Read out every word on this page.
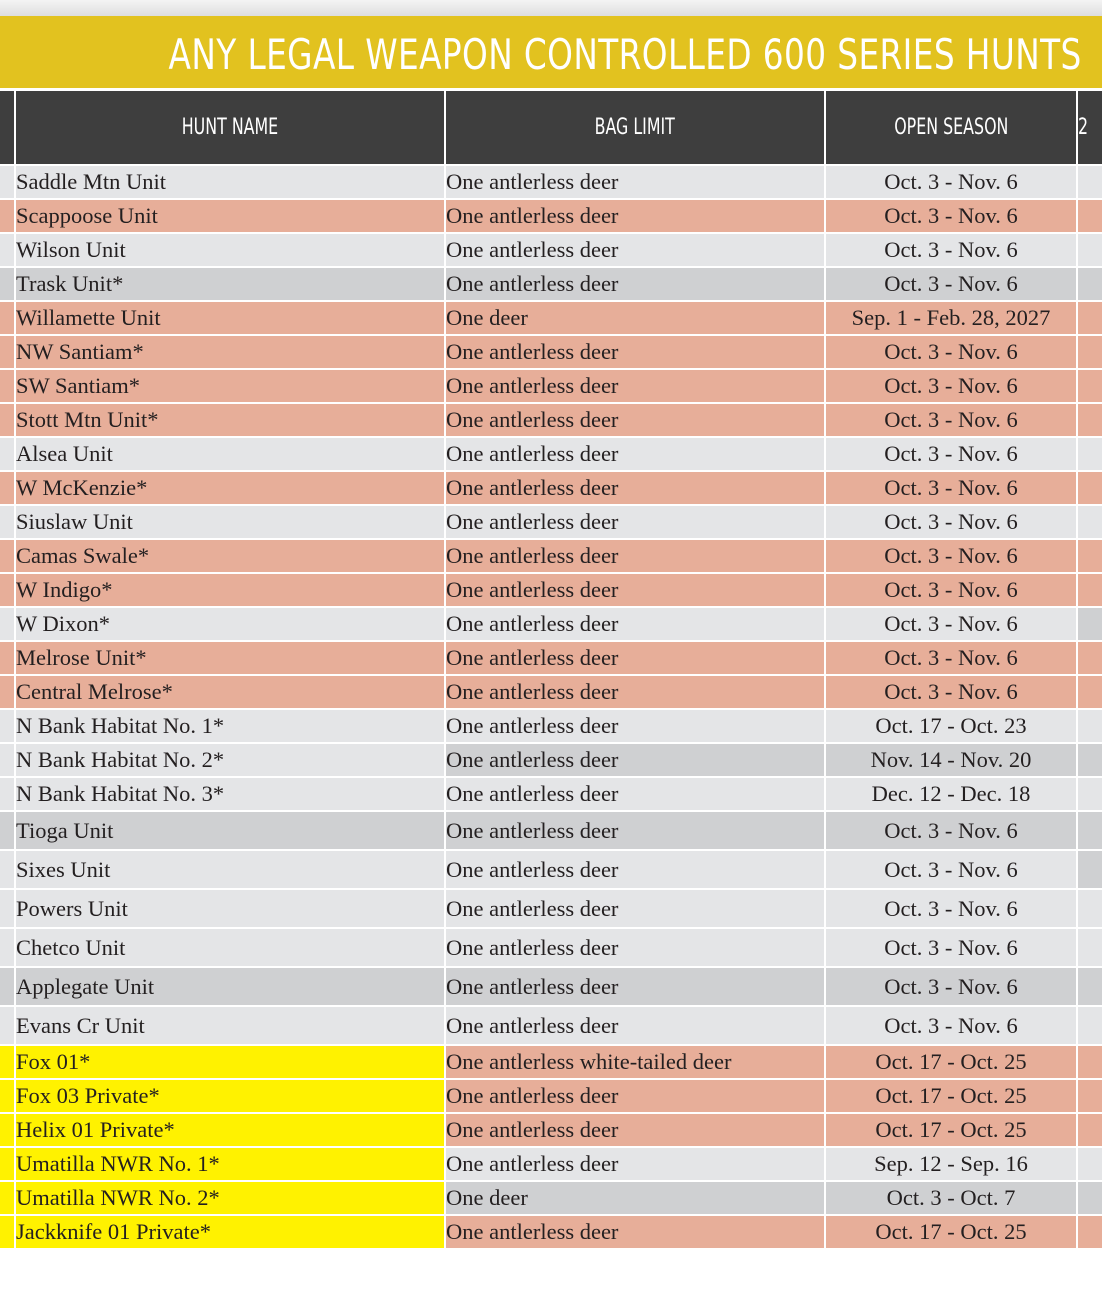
ANY LEGAL WEAPON CONTROLLED 600 SERIES HUNTS
	HUNT NAME	BAG LIMIT	OPEN SEASON	2
	Saddle Mtn Unit	One antlerless deer	Oct. 3 - Nov. 6	
	Scappoose Unit	One antlerless deer	Oct. 3 - Nov. 6	
	Wilson Unit	One antlerless deer	Oct. 3 - Nov. 6	
	Trask Unit*	One antlerless deer	Oct. 3 - Nov. 6	
	Willamette Unit	One deer	Sep. 1 - Feb. 28, 2027	
	NW Santiam*	One antlerless deer	Oct. 3 - Nov. 6	
	SW Santiam*	One antlerless deer	Oct. 3 - Nov. 6	
	Stott Mtn Unit*	One antlerless deer	Oct. 3 - Nov. 6	
	Alsea Unit	One antlerless deer	Oct. 3 - Nov. 6	
	W McKenzie*	One antlerless deer	Oct. 3 - Nov. 6	
	Siuslaw Unit	One antlerless deer	Oct. 3 - Nov. 6	
	Camas Swale*	One antlerless deer	Oct. 3 - Nov. 6	
	W Indigo*	One antlerless deer	Oct. 3 - Nov. 6	
	W Dixon*	One antlerless deer	Oct. 3 - Nov. 6	
	Melrose Unit*	One antlerless deer	Oct. 3 - Nov. 6	
	Central Melrose*	One antlerless deer	Oct. 3 - Nov. 6	
	N Bank Habitat No. 1*	One antlerless deer	Oct. 17 - Oct. 23	
	N Bank Habitat No. 2*	One antlerless deer	Nov. 14 - Nov. 20	
	N Bank Habitat No. 3*	One antlerless deer	Dec. 12 - Dec. 18	
	Tioga Unit	One antlerless deer	Oct. 3 - Nov. 6	
	Sixes Unit	One antlerless deer	Oct. 3 - Nov. 6	
	Powers Unit	One antlerless deer	Oct. 3 - Nov. 6	
	Chetco Unit	One antlerless deer	Oct. 3 - Nov. 6	
	Applegate Unit	One antlerless deer	Oct. 3 - Nov. 6	
	Evans Cr Unit	One antlerless deer	Oct. 3 - Nov. 6	
	Fox 01*	One antlerless white-tailed deer	Oct. 17 - Oct. 25	
	Fox 03 Private*	One antlerless deer	Oct. 17 - Oct. 25	
	Helix 01 Private*	One antlerless deer	Oct. 17 - Oct. 25	
	Umatilla NWR No. 1*	One antlerless deer	Sep. 12 - Sep. 16	
	Umatilla NWR No. 2*	One deer	Oct. 3 - Oct. 7	
	Jackknife 01 Private*	One antlerless deer	Oct. 17 - Oct. 25	
